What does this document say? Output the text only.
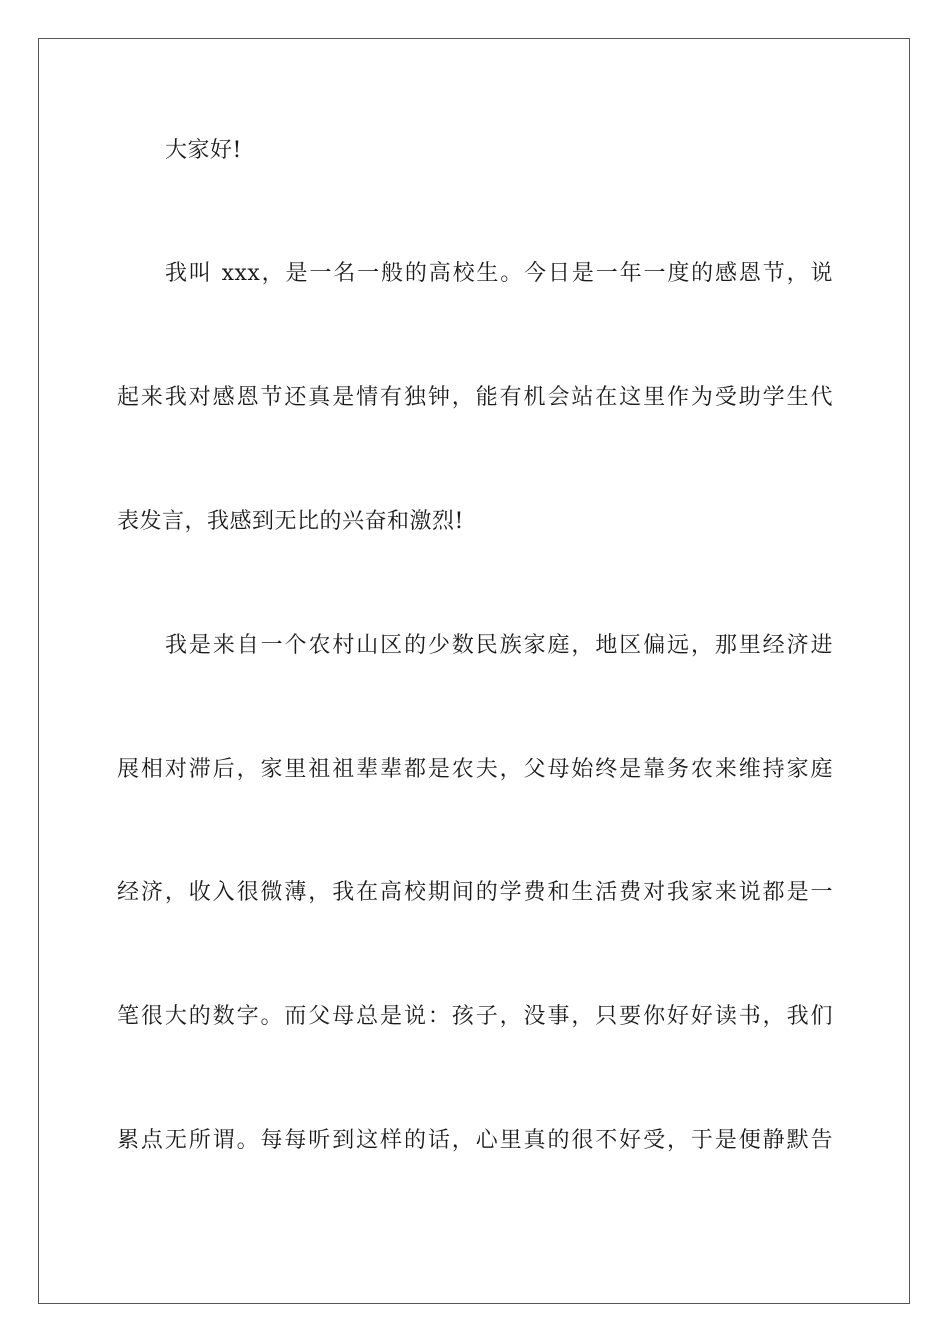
大家好!
我叫 xxx，是一名一般的高校生。今日是一年一度的感恩节，说
起来我对感恩节还真是情有独钟，能有机会站在这里作为受助学生代
表发言，我感到无比的兴奋和激烈!
我是来自一个农村山区的少数民族家庭，地区偏远，那里经济进
展相对滞后，家里祖祖辈辈都是农夫，父母始终是靠务农来维持家庭
经济，收入很微薄，我在高校期间的学费和生活费对我家来说都是一
笔很大的数字。而父母总是说：孩子，没事，只要你好好读书，我们
累点无所谓。每每听到这样的话，心里真的很不好受，于是便静默告
